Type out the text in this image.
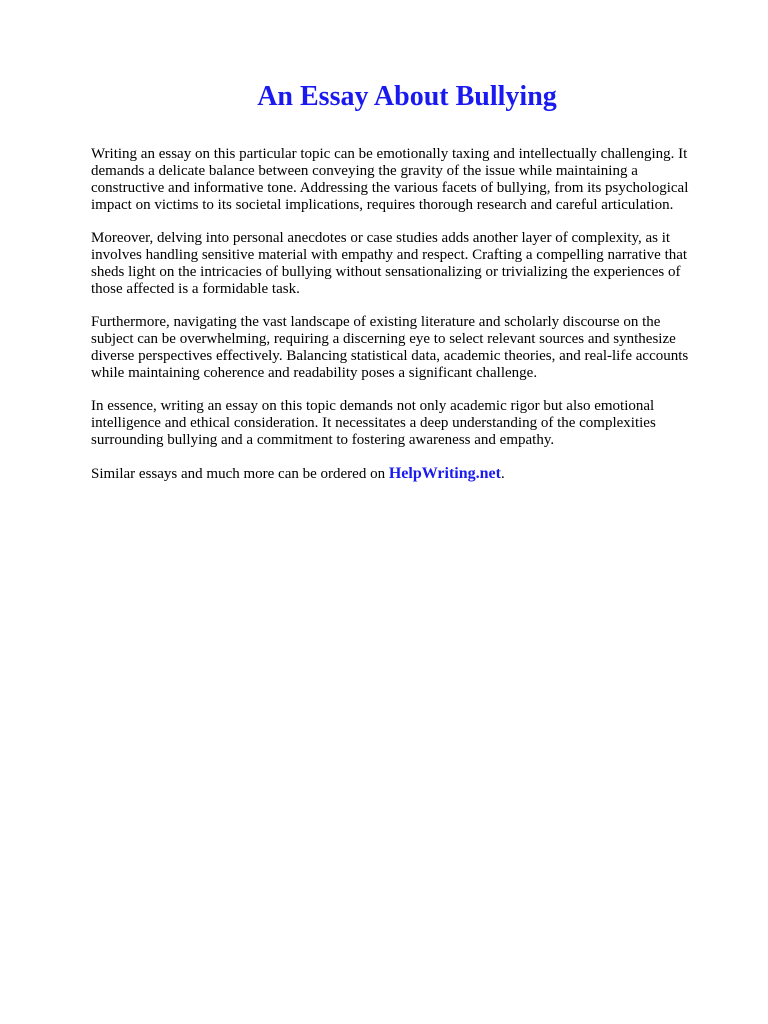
An Essay About Bullying

Writing an essay on this particular topic can be emotionally taxing and intellectually challenging. It
demands a delicate balance between conveying the gravity of the issue while maintaining a
constructive and informative tone. Addressing the various facets of bullying, from its psychological
impact on victims to its societal implications, requires thorough research and careful articulation.

Moreover, delving into personal anecdotes or case studies adds another layer of complexity, as it
involves handling sensitive material with empathy and respect. Crafting a compelling narrative that
sheds light on the intricacies of bullying without sensationalizing or trivializing the experiences of
those affected is a formidable task.

Furthermore, navigating the vast landscape of existing literature and scholarly discourse on the
subject can be overwhelming, requiring a discerning eye to select relevant sources and synthesize
diverse perspectives effectively. Balancing statistical data, academic theories, and real-life accounts
while maintaining coherence and readability poses a significant challenge.

In essence, writing an essay on this topic demands not only academic rigor but also emotional
intelligence and ethical consideration. It necessitates a deep understanding of the complexities
surrounding bullying and a commitment to fostering awareness and empathy.

Similar essays and much more can be ordered on HelpWriting.net.
